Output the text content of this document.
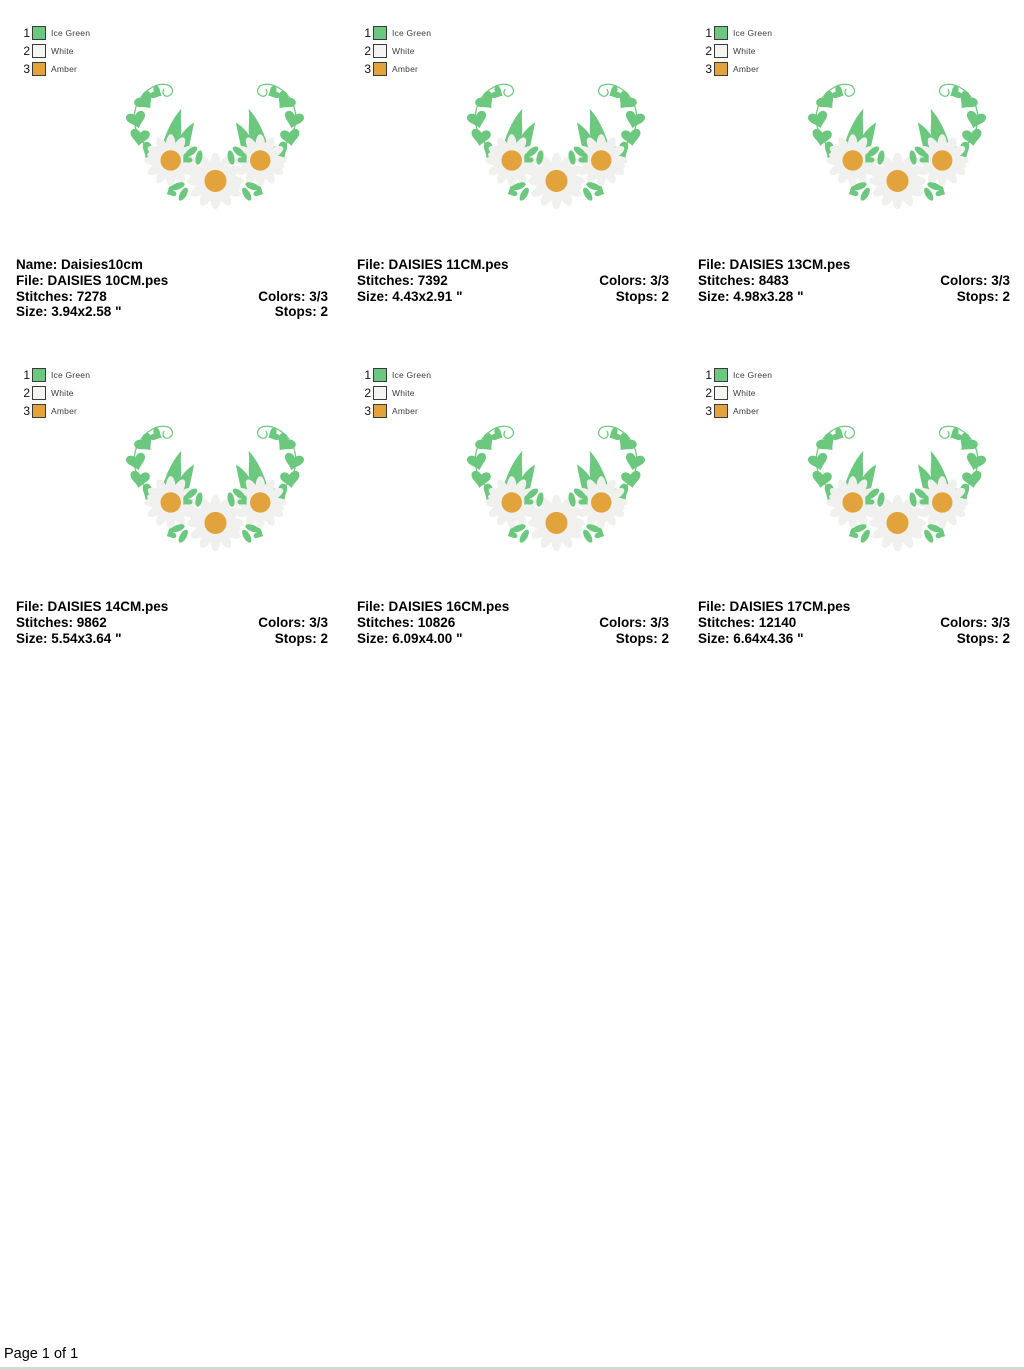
1 Ice Green
2 White
3 Amber
Name: Daisies10cm
File: DAISIES 10CM.pes
Stitches: 7278	Colors: 3/3
Size: 3.94x2.58 "	Stops: 2
1 Ice Green
2 White
3 Amber
File: DAISIES 11CM.pes
Stitches: 7392	Colors: 3/3
Size: 4.43x2.91 "	Stops: 2
1 Ice Green
2 White
3 Amber
File: DAISIES 13CM.pes
Stitches: 8483	Colors: 3/3
Size: 4.98x3.28 "	Stops: 2
1 Ice Green
2 White
3 Amber
File: DAISIES 14CM.pes
Stitches: 9862	Colors: 3/3
Size: 5.54x3.64 "	Stops: 2
1 Ice Green
2 White
3 Amber
File: DAISIES 16CM.pes
Stitches: 10826	Colors: 3/3
Size: 6.09x4.00 "	Stops: 2
1 Ice Green
2 White
3 Amber
File: DAISIES 17CM.pes
Stitches: 12140	Colors: 3/3
Size: 6.64x4.36 "	Stops: 2
Page 1 of 1
